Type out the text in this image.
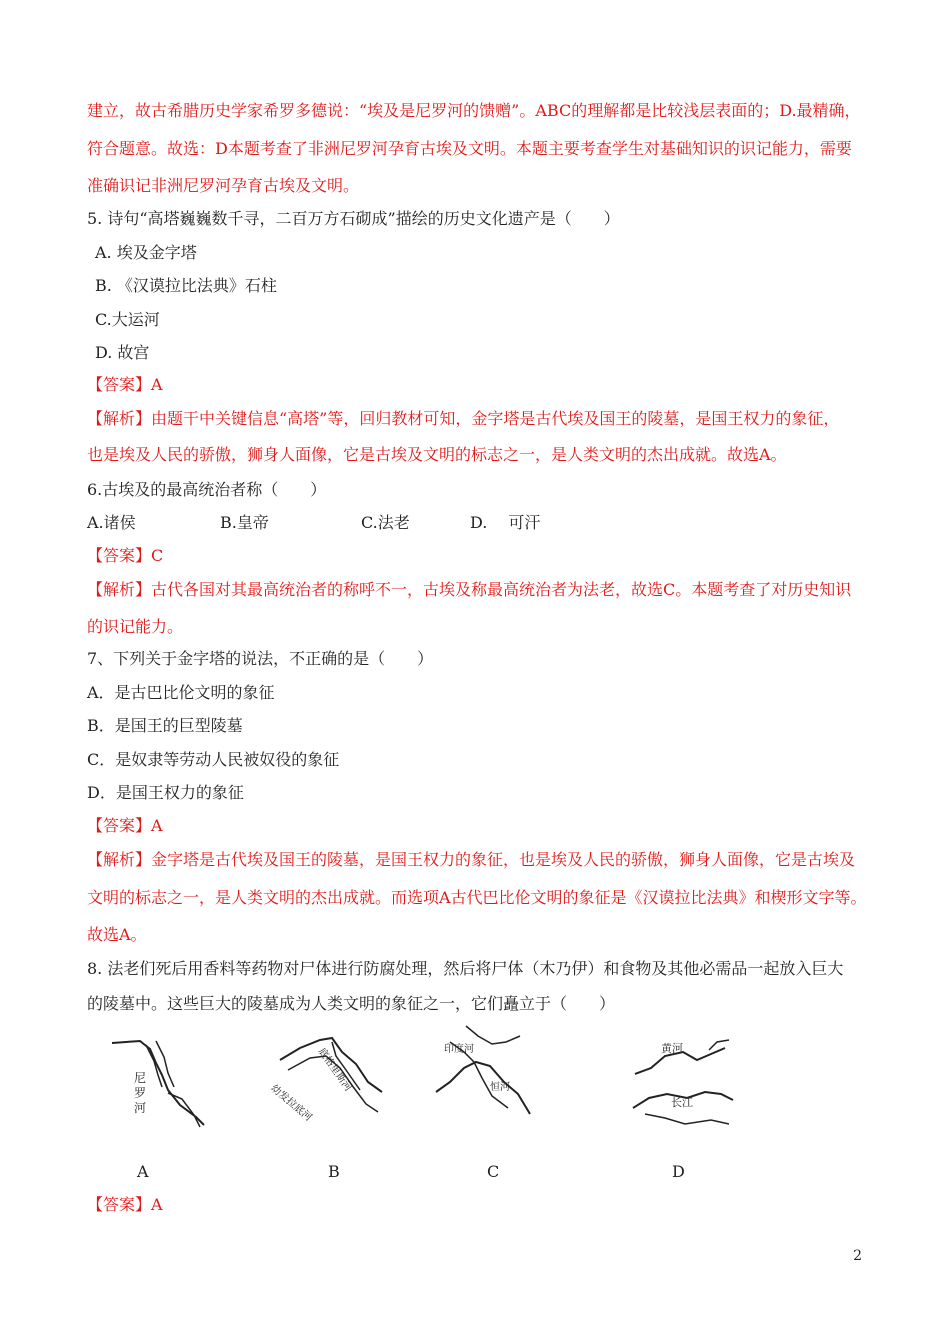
建立，故古希腊历史学家希罗多德说：“埃及是尼罗河的馈赠”。ABC的理解都是比较浅层表面的；D.最精确，
符合题意。故选：D本题考查了非洲尼罗河孕育古埃及文明。本题主要考查学生对基础知识的识记能力，需要
准确识记非洲尼罗河孕育古埃及文明。
5. 诗句“高塔巍巍数千寻，二百万方石砌成”描绘的历史文化遗产是（　　）
A. 埃及金字塔
B. 《汉谟拉比法典》石柱
C.大运河
D. 故宫
【答案】A
【解析】由题干中关键信息“高塔”等，回归教材可知，金字塔是古代埃及国王的陵墓，是国王权力的象征，
也是埃及人民的骄傲，狮身人面像，它是古埃及文明的标志之一，是人类文明的杰出成就。故选A。
6.古埃及的最高统治者称（　　）
A.诸侯	B.皇帝	C.法老	D.　 可汗
【答案】C
【解析】古代各国对其最高统治者的称呼不一，古埃及称最高统治者为法老，故选C。本题考查了对历史知识
的识记能力。
7、下列关于金字塔的说法，不正确的是（　　）
A．是古巴比伦文明的象征
B．是国王的巨型陵墓
C．是奴隶等劳动人民被奴役的象征
D．是国王权力的象征
【答案】A
【解析】金字塔是古代埃及国王的陵墓，是国王权力的象征，也是埃及人民的骄傲，狮身人面像，它是古埃及
文明的标志之一，是人类文明的杰出成就。而选项A古代巴比伦文明的象征是《汉谟拉比法典》和楔形文字等。
故选A。
8. 法老们死后用香料等药物对尸体进行防腐处理，然后将尸体（木乃伊）和食物及其他必需品一起放入巨大
的陵墓中。这些巨大的陵墓成为人类文明的象征之一，它们矗立于（　　）
尼
罗
河	幼发拉底河
底格里斯河	印度河
恒河
黄河
长江
A	B	C	D
【答案】A
2
